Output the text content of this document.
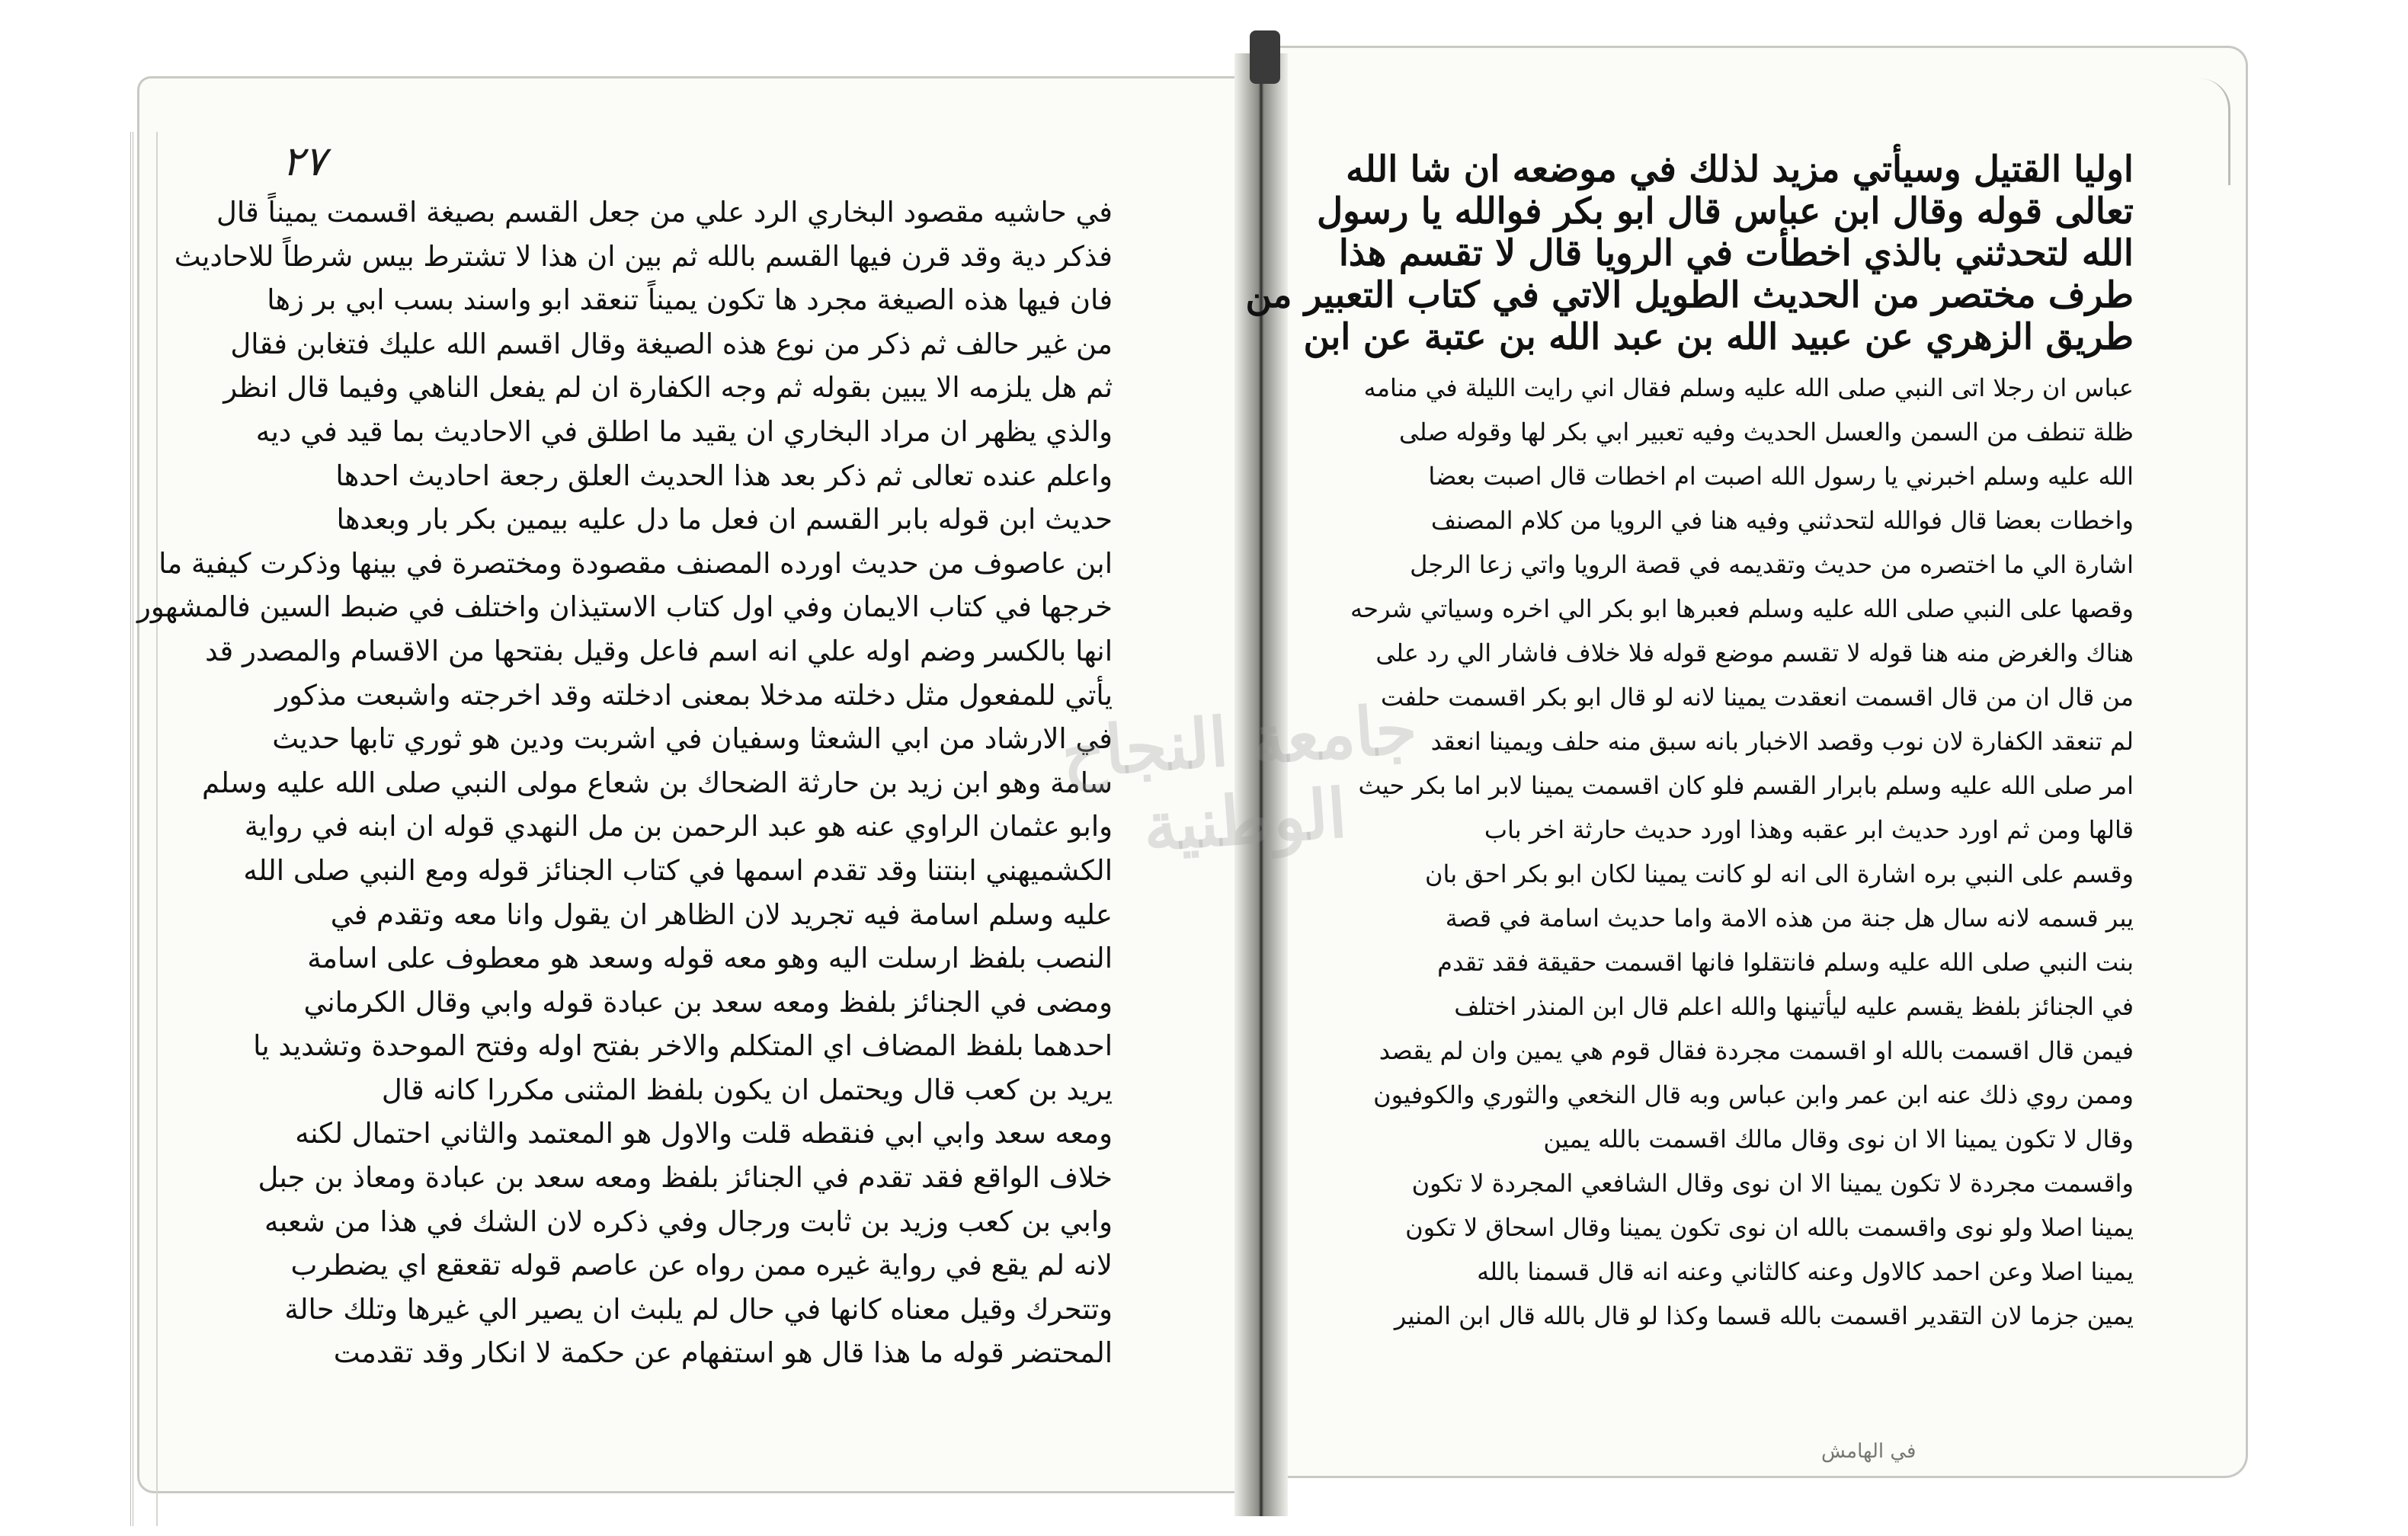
٢٧
في حاشيه مقصود البخاري الرد علي من جعل القسم بصيغة اقسمت يميناً قال
فذكر دية وقد قرن فيها القسم بالله ثم بين ان هذا لا تشترط بيس شرطاً للاحاديث
فان فيها هذه الصيغة مجرد ها تكون يميناً تنعقد ابو واسند بسب ابي بر زها
من غير حالف ثم ذكر من نوع هذه الصيغة وقال اقسم الله عليك فتغابن فقال
ثم هل يلزمه الا يبين بقوله ثم وجه الكفارة ان لم يفعل الناهي وفيما قال انظر
والذي يظهر ان مراد البخاري ان يقيد ما اطلق في الاحاديث بما قيد في ديه
واعلم عنده تعالى ثم ذكر بعد هذا الحديث العلق رجعة احاديث احدها
حديث ابن قوله بابر القسم ان فعل ما دل عليه بيمين بكر بار وبعدها
ابن عاصوف من حديث اورده المصنف مقصودة ومختصرة في بينها وذكرت كيفية ما
خرجها في كتاب الايمان وفي اول كتاب الاستيذان واختلف في ضبط السين فالمشهور
انها بالكسر وضم اوله علي انه اسم فاعل وقيل بفتحها من الاقسام والمصدر قد
يأتي للمفعول مثل دخلته مدخلا بمعنى ادخلته وقد اخرجته واشبعت مذكور
في الارشاد من ابي الشعثا وسفيان في اشربت ودين هو ثوري تابها حديث
سامة وهو ابن زيد بن حارثة الضحاك بن شعاع مولى النبي صلى الله عليه وسلم
وابو عثمان الراوي عنه هو عبد الرحمن بن مل النهدي قوله ان ابنه في رواية
الكشميهني ابنتنا وقد تقدم اسمها في كتاب الجنائز قوله ومع النبي صلى الله
عليه وسلم اسامة فيه تجريد لان الظاهر ان يقول وانا معه وتقدم في
النصب بلفظ ارسلت اليه وهو معه قوله وسعد هو معطوف على اسامة
ومضى في الجنائز بلفظ ومعه سعد بن عبادة قوله وابي وقال الكرماني
احدهما بلفظ المضاف اي المتكلم والاخر بفتح اوله وفتح الموحدة وتشديد يا
يريد بن كعب قال ويحتمل ان يكون بلفظ المثنى مكررا كانه قال
ومعه سعد وابي ابي فنقطه قلت والاول هو المعتمد والثاني احتمال لكنه
خلاف الواقع فقد تقدم في الجنائز بلفظ ومعه سعد بن عبادة ومعاذ بن جبل
وابي بن كعب وزيد بن ثابت ورجال وفي ذكره لان الشك في هذا من شعبه
لانه لم يقع في رواية غيره ممن رواه عن عاصم قوله تقعقع اي يضطرب
وتتحرك وقيل معناه كانها في حال لم يلبث ان يصير الي غيرها وتلك حالة
المحتضر قوله ما هذا قال هو استفهام عن حكمة لا انكار وقد تقدمت
اوليا القتيل وسيأتي مزيد لذلك في موضعه ان شا الله
تعالى قوله وقال ابن عباس قال ابو بكر فوالله يا رسول
الله لتحدثني بالذي اخطأت في الرويا قال لا تقسم هذا
طرف مختصر من الحديث الطويل الاتي في كتاب التعبير من
طريق الزهري عن عبيد الله بن عبد الله بن عتبة عن ابن
عباس ان رجلا اتى النبي صلى الله عليه وسلم فقال اني رايت الليلة في منامه
ظلة تنطف من السمن والعسل الحديث وفيه تعبير ابي بكر لها وقوله صلى
الله عليه وسلم اخبرني يا رسول الله اصبت ام اخطات قال اصبت بعضا
واخطات بعضا قال فوالله لتحدثني وفيه هنا في الرويا من كلام المصنف
اشارة الي ما اختصره من حديث وتقديمه في قصة الرويا واتي زعا الرجل
وقصها على النبي صلى الله عليه وسلم فعبرها ابو بكر الي اخره وسياتي شرحه
هناك والغرض منه هنا قوله لا تقسم موضع قوله فلا خلاف فاشار الي رد على
من قال ان من قال اقسمت انعقدت يمينا لانه لو قال ابو بكر اقسمت حلفت
لم تنعقد الكفارة لان نوب وقصد الاخبار بانه سبق منه حلف ويمينا انعقد
امر صلى الله عليه وسلم بابرار القسم فلو كان اقسمت يمينا لابر اما بكر حيث
قالها ومن ثم اورد حديث ابر عقبه وهذا اورد حديث حارثة اخر باب
وقسم على النبي بره اشارة الى انه لو كانت يمينا لكان ابو بكر احق بان
يبر قسمه لانه سال هل جنة من هذه الامة واما حديث اسامة في قصة
بنت النبي صلى الله عليه وسلم فانتقلوا فانها اقسمت حقيقة فقد تقدم
في الجنائز بلفظ يقسم عليه ليأتينها والله اعلم قال ابن المنذر اختلف
فيمن قال اقسمت بالله او اقسمت مجردة فقال قوم هي يمين وان لم يقصد
وممن روي ذلك عنه ابن عمر وابن عباس وبه قال النخعي والثوري والكوفيون
وقال لا تكون يمينا الا ان نوى وقال مالك اقسمت بالله يمين
واقسمت مجردة لا تكون يمينا الا ان نوى وقال الشافعي المجردة لا تكون
يمينا اصلا ولو نوى واقسمت بالله ان نوى تكون يمينا وقال اسحاق لا تكون
يمينا اصلا وعن احمد كالاول وعنه كالثاني وعنه انه قال قسمنا بالله
يمين جزما لان التقدير اقسمت بالله قسما وكذا لو قال بالله قال ابن المنير
في الهامش
جامعة النجاح الوطنية
